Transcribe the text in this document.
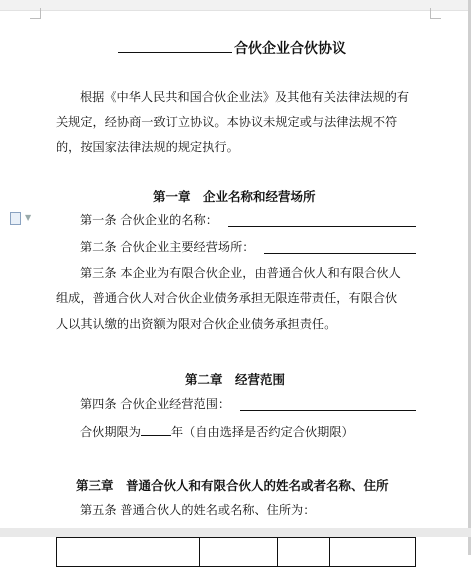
▼
合伙企业合伙协议
根据《中华人民共和国合伙企业法》及其他有关法律法规的有
关规定，经协商一致订立协议。本协议未规定或与法律法规不符
的，按国家法律法规的规定执行。
第一章　企业名称和经营场所
第一条 合伙企业的名称：
第二条 合伙企业主要经营场所：
第三条 本企业为有限合伙企业，由普通合伙人和有限合伙人
组成，普通合伙人对合伙企业债务承担无限连带责任，有限合伙
人以其认缴的出资额为限对合伙企业债务承担责任。
第二章　经营范围
第四条 合伙企业经营范围：
合伙期限为 年（自由选择是否约定合伙期限）
第三章　普通合伙人和有限合伙人的姓名或者名称、住所
第五条 普通合伙人的姓名或名称、住所为：
